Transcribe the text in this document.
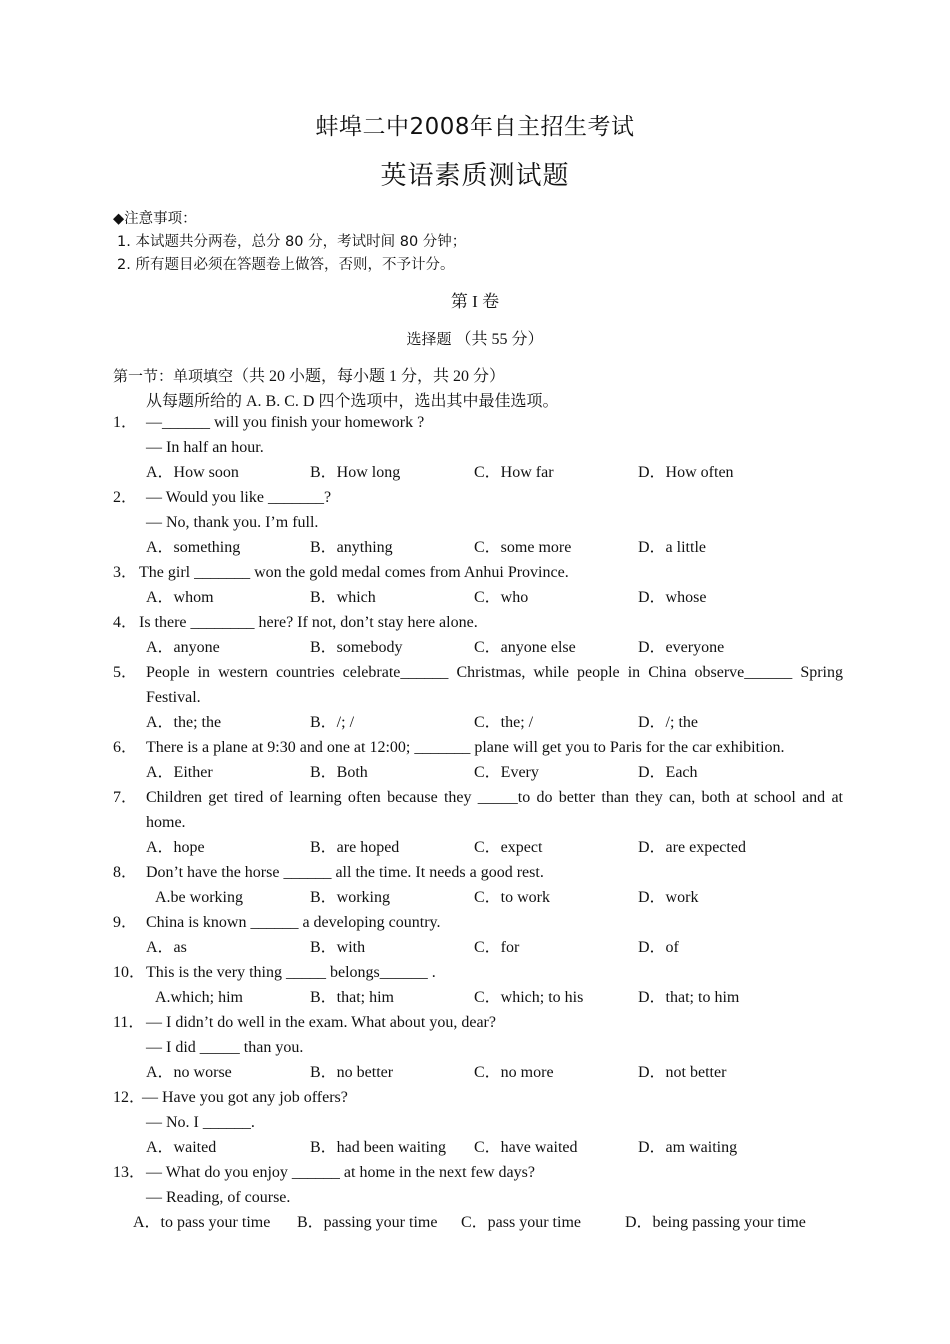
蚌埠二中2008年自主招生考试
英语素质测试题
◆注意事项：
1. 本试题共分两卷，总分 80 分，考试时间 80 分钟；
2. 所有题目必须在答题卷上做答，否则，不予计分。
第 I 卷
选择题 （共 55 分）
第一节：单项填空（共 20 小题，每小题 1 分，共 20 分）
从每题所给的 A. B. C. D 四个选项中，选出其中最佳选项。
1． —______ will you finish your homework ?
— In half an hour.
A．How soon	B．How long	C．How far	D．How often
2． — Would you like _______?
— No, thank you. I’m full.
A．something	B．anything	C．some more	D．a little
3． The girl _______ won the gold medal comes from Anhui Province.
A．whom	B．which	C．who	D．whose
4． Is there ________ here? If not, don’t stay here alone.
A．anyone	B．somebody	C．anyone else	D．everyone
5． People in western countries celebrate______ Christmas, while people in China observe______ Spring Festival.
A．the; the	B．/; /	C．the; /	D．/; the
6． There is a plane at 9:30 and one at 12:00; _______ plane will get you to Paris for the car exhibition.
A．Either	B．Both	C．Every	D．Each
7． Children get tired of learning often because they _____to do better than they can, both at school and at home.
A．hope	B．are hoped	C．expect	D．are expected
8． Don’t have the horse ______ all the time. It needs a good rest.
A.be working	B．working	C．to work	D．work
9． China is known ______ a developing country.
A．as	B．with	C．for	D．of
10． This is the very thing _____ belongs______ .
A.which; him	B．that; him	C．which; to his	D．that; to him
11． — I didn’t do well in the exam. What about you, dear?
— I did _____ than you.
A．no worse	B．no better	C．no more	D．not better
12．
— Have you got any job offers?
— No. I ______.
A．waited	B．had been waiting C．have waited	D．am waiting
13． — What do you enjoy ______ at home in the next few days?
— Reading, of course.
A．to pass your time B．passing your time C．pass your time	D．being passing your time
